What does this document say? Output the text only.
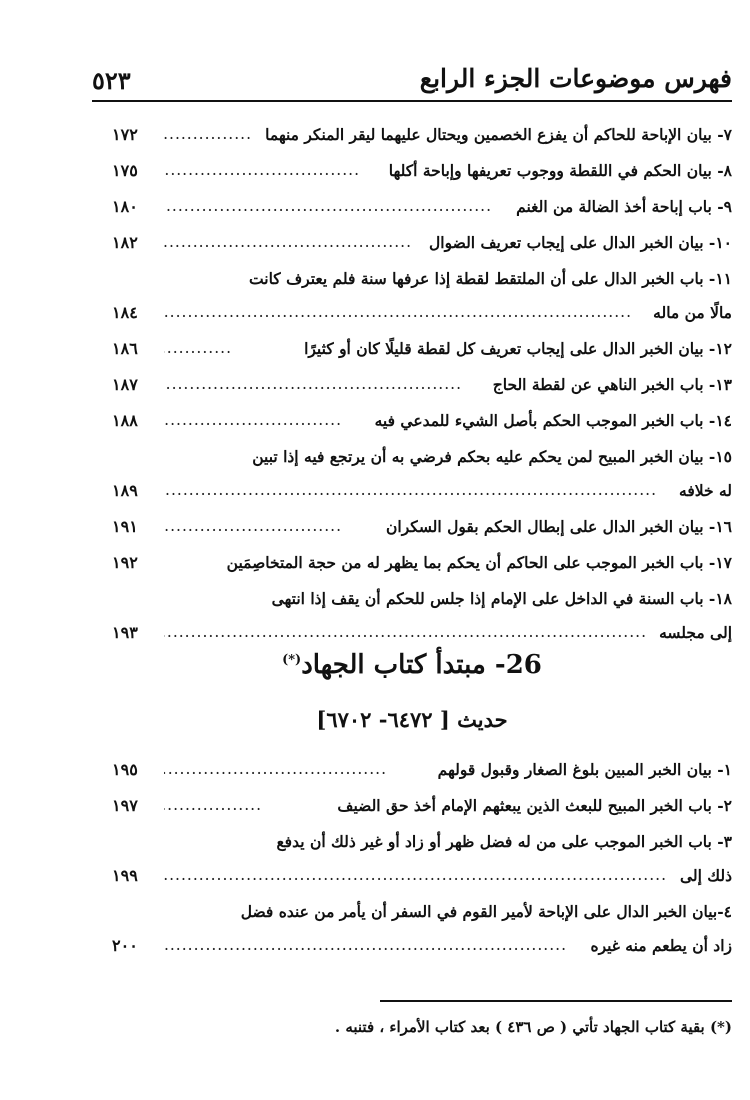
فهرس موضوعات الجزء الرابع
٥٢٣
٧- بيان الإباحة للحاكم أن يفزع الخصمين ويحتال عليهما ليقر المنكر منهما
.....
١٧٢
٨- بيان الحكم في اللقطة ووجوب تعريفها وإباحة أكلها
.....
١٧٥
٩- باب إباحة أخذ الضالة من الغنم
.....
١٨٠
١٠- بيان الخبر الدال على إيجاب تعريف الضوال
.....
١٨٢
١١- باب الخبر الدال على أن الملتقط لقطة إذا عرفها سنة فلم يعترف كانت
مالًا من ماله
.....
١٨٤
١٢- بيان الخبر الدال على إيجاب تعريف كل لقطة قليلًا كان أو كثيرًا
.....
١٨٦
١٣- باب الخبر الناهي عن لقطة الحاج
.....
١٨٧
١٤- باب الخبر الموجب الحكم بأصل الشيء للمدعي فيه
.....
١٨٨
١٥- بيان الخبر المبيح لمن يحكم عليه بحكم فرضي به أن يرتجع فيه إذا تبين
له خلافه
.....
١٨٩
١٦- بيان الخبر الدال على إبطال الحكم بقول السكران
.....
١٩١
١٧- باب الخبر الموجب على الحاكم أن يحكم بما يظهر له من حجة المتخاصِمَين
١٩٢
١٨- باب السنة في الداخل على الإمام إذا جلس للحكم أن يقف إذا انتهى
إلى مجلسه
.....
١٩٣
26- مبتدأ كتاب الجهاد(*)
حديث [ ٦٤٧٢- ٦٧٠٢]
١- بيان الخبر المبين بلوغ الصغار وقبول قولهم
.....
١٩٥
٢- باب الخبر المبيح للبعث الذين يبعثهم الإمام أخذ حق الضيف
.....
١٩٧
٣- باب الخبر الموجب على من له فضل ظهر أو زاد أو غير ذلك أن يدفع
ذلك إلى
.....
١٩٩
٤-بيان الخبر الدال على الإباحة لأمير القوم في السفر أن يأمر من عنده فضل
زاد أن يطعم منه غيره
.....
٢٠٠
(*) بقية كتاب الجهاد تأتي ( ص ٤٣٦ ) بعد كتاب الأمراء ، فتنبه .
